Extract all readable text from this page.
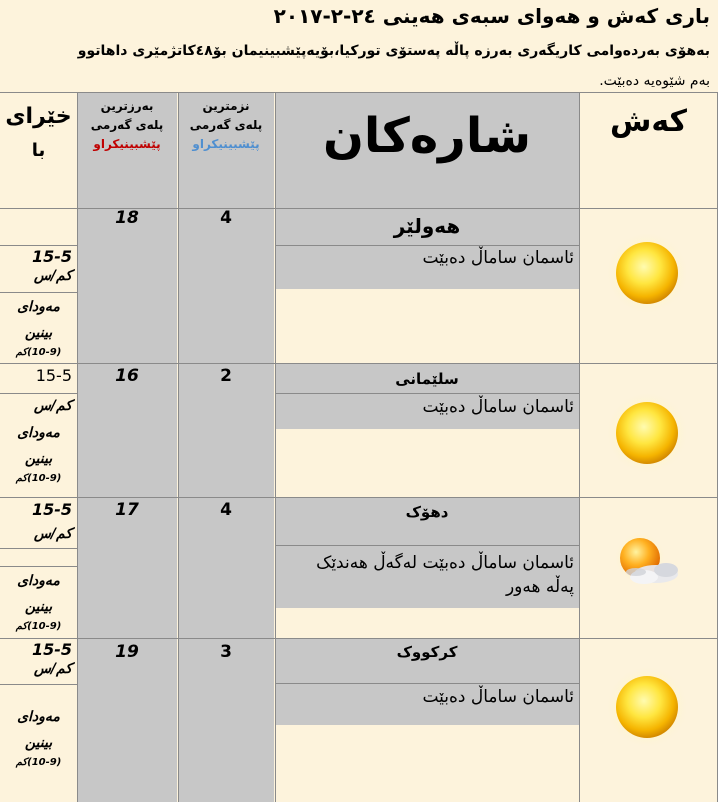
باری کەش و هەوای سبەی هەینی ٢٤-٢-٢٠١٧
بەهۆی بەردەوامی کاریگەری بەرزە پاڵە پەستۆی تورکیا،بۆیەپێشبینیمان بۆ٤٨کاتژمێری داهاتوو
بەم شێوەیە دەبێت.
کەش
شارەکان
نزمترین
پلەی گەرمی
پێشبینیکراو
بەرزترین
پلەی گەرمی
پێشبینیکراو
خێرای
با
هەولێر
ئاسمان ساماڵ دەبێت
4
18
15-5
کم/س
مەودای
بینین
(10-9)کم
سلێمانی
ئاسمان ساماڵ دەبێت
2
16
15-5
کم/س
مەودای
بینین
(10-9)کم
دهۆک
ئاسمان ساماڵ دەبێت لەگەڵ هەندێک
پەڵە هەور
4
17
15-5
کم/س
مەودای
بینین
(10-9)کم
کرکووک
ئاسمان ساماڵ دەبێت
3
19
15-5
کم/س
مەودای
بینین
(10-9)کم
